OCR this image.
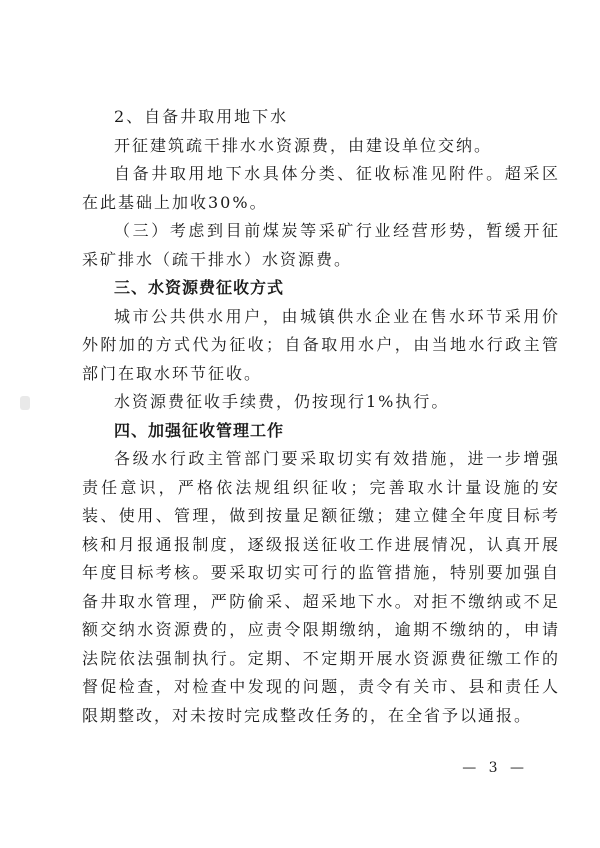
2、自备井取用地下水

开征建筑疏干排水水资源费，由建设单位交纳。

自备井取用地下水具体分类、征收标准见附件。超采区在此基础上加收30%。

（三）考虑到目前煤炭等采矿行业经营形势，暂缓开征采矿排水（疏干排水）水资源费。

三、水资源费征收方式

城市公共供水用户，由城镇供水企业在售水环节采用价外附加的方式代为征收；自备取用水户，由当地水行政主管部门在取水环节征收。

水资源费征收手续费，仍按现行1%执行。

四、加强征收管理工作

各级水行政主管部门要采取切实有效措施，进一步增强责任意识，严格依法规组织征收；完善取水计量设施的安装、使用、管理，做到按量足额征缴；建立健全年度目标考核和月报通报制度，逐级报送征收工作进展情况，认真开展年度目标考核。要采取切实可行的监管措施，特别要加强自备井取水管理，严防偷采、超采地下水。对拒不缴纳或不足额交纳水资源费的，应责令限期缴纳，逾期不缴纳的，申请法院依法强制执行。定期、不定期开展水资源费征缴工作的督促检查，对检查中发现的问题，责令有关市、县和责任人限期整改，对未按时完成整改任务的，在全省予以通报。

— 3 —
